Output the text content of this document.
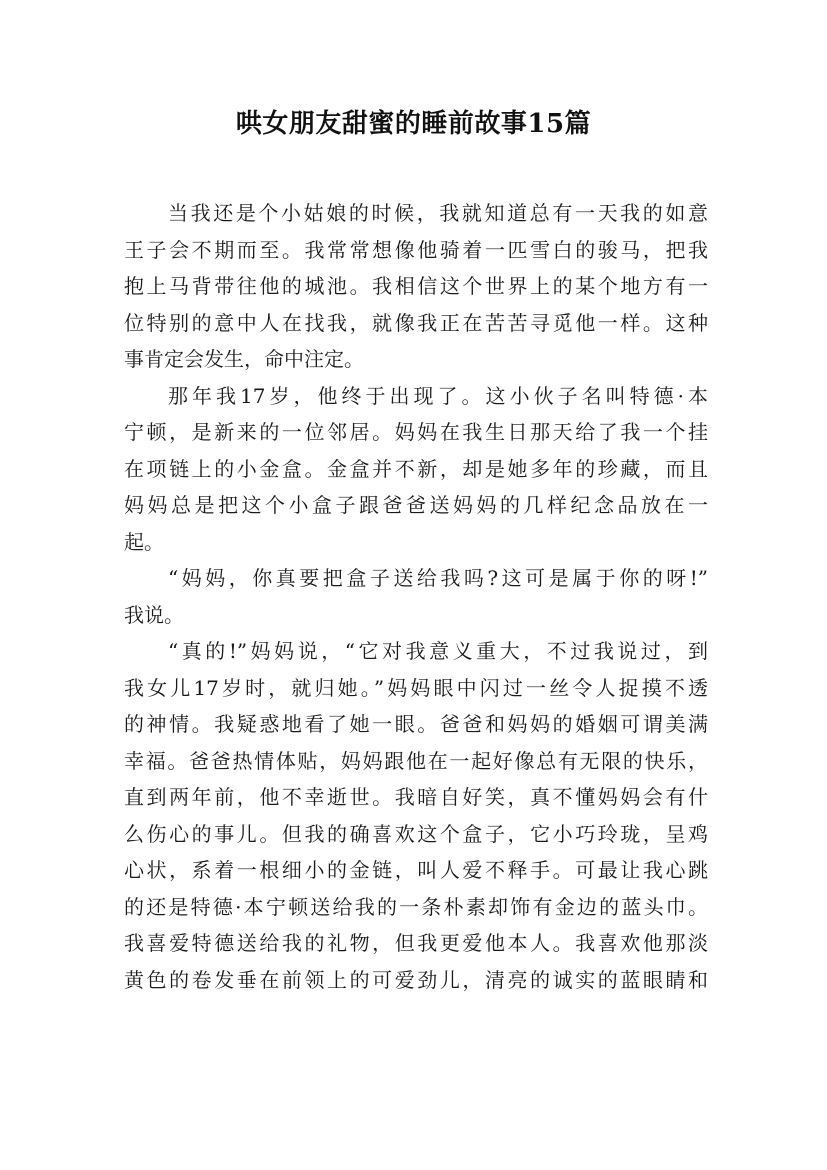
哄女朋友甜蜜的睡前故事15篇
当我还是个小姑娘的时候，我就知道总有一天我的如意
王子会不期而至。我常常想像他骑着一匹雪白的骏马，把我
抱上马背带往他的城池。我相信这个世界上的某个地方有一
位特别的意中人在找我，就像我正在苦苦寻觅他一样。这种
事肯定会发生，命中注定。
那年我17岁，他终于出现了。这小伙子名叫特德·本
宁顿，是新来的一位邻居。妈妈在我生日那天给了我一个挂
在项链上的小金盒。金盒并不新，却是她多年的珍藏，而且
妈妈总是把这个小盒子跟爸爸送妈妈的几样纪念品放在一
起。
“妈妈，你真要把盒子送给我吗?这可是属于你的呀!”
我说。
“真的!”妈妈说，“它对我意义重大，不过我说过，到
我女儿17岁时，就归她。”妈妈眼中闪过一丝令人捉摸不透
的神情。我疑惑地看了她一眼。爸爸和妈妈的婚姻可谓美满
幸福。爸爸热情体贴，妈妈跟他在一起好像总有无限的快乐，
直到两年前，他不幸逝世。我暗自好笑，真不懂妈妈会有什
么伤心的事儿。但我的确喜欢这个盒子，它小巧玲珑，呈鸡
心状，系着一根细小的金链，叫人爱不释手。可最让我心跳
的还是特德·本宁顿送给我的一条朴素却饰有金边的蓝头巾。
我喜爱特德送给我的礼物，但我更爱他本人。我喜欢他那淡
黄色的卷发垂在前领上的可爱劲儿，清亮的诚实的蓝眼睛和
